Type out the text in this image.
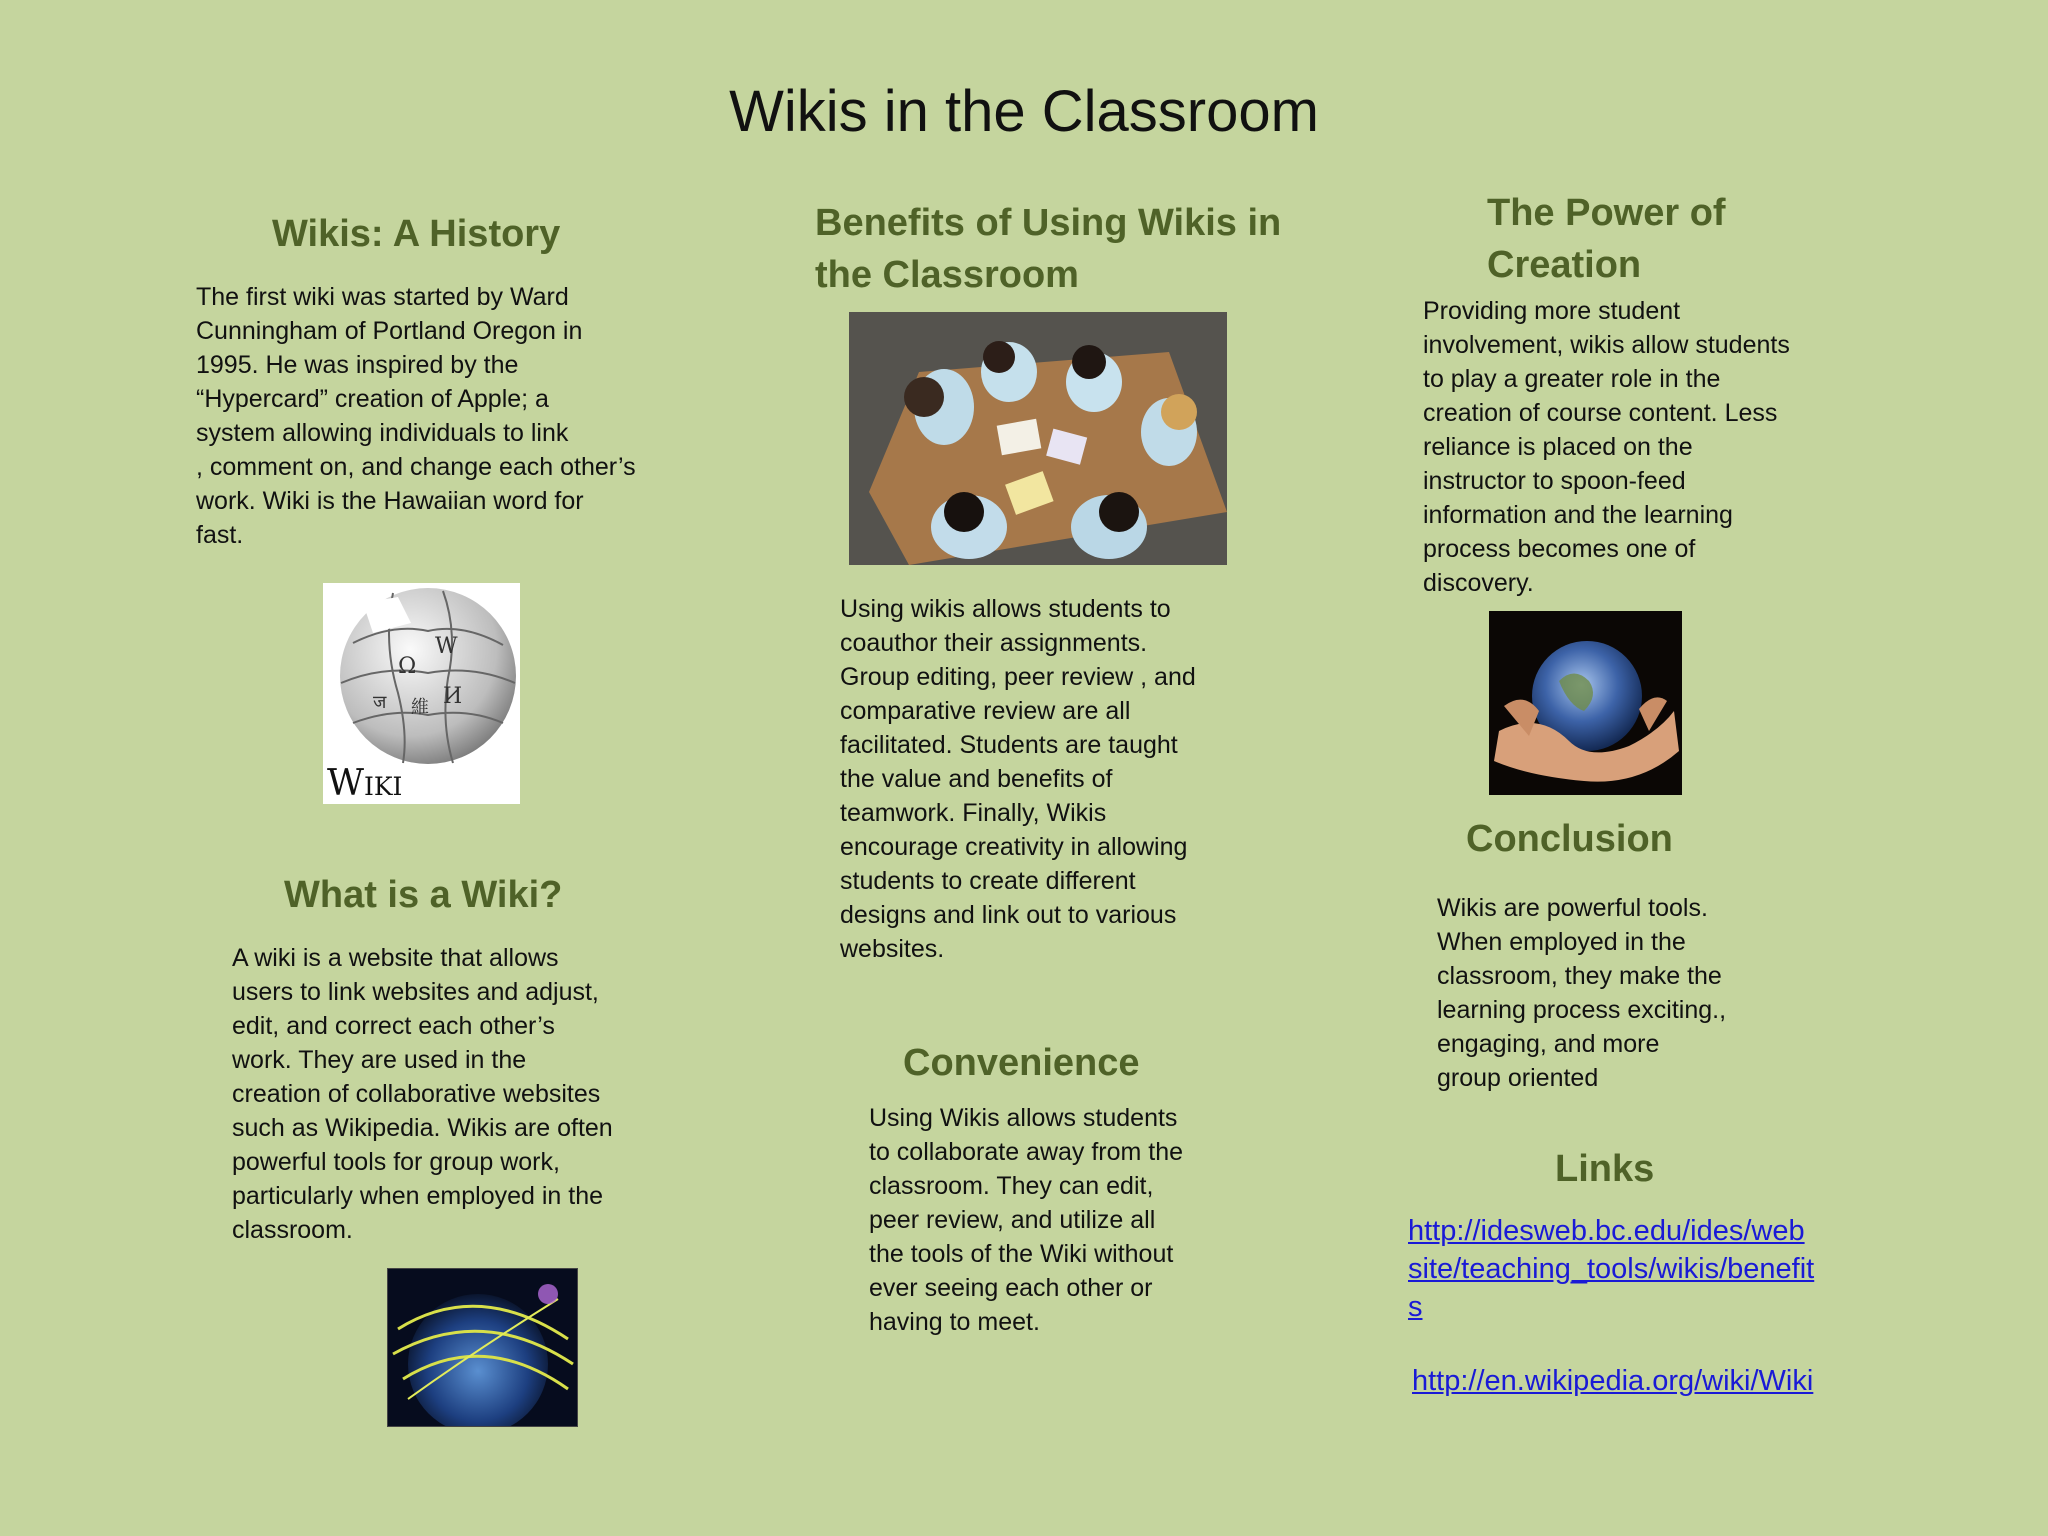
Wikis in the Classroom
Wikis: A History

The first wiki was started by Ward
Cunningham of Portland Oregon in
1995. He was inspired by the
“Hypercard” creation of Apple; a
system allowing individuals to link
, comment on, and change each other’s
work. Wiki is the Hawaiian word for
fast.

Ω
W
И
ज 維
Wiki
What is a Wiki?

A wiki is a website that allows
users to link websites and adjust,
edit, and correct each other’s
work. They are used in the
creation of collaborative websites
such as Wikipedia. Wikis are often
powerful tools for group work,
particularly when employed in the
classroom.

Benefits of Using Wikis in the Classroom

Using wikis allows students to
coauthor their assignments.
Group editing, peer review , and
comparative review are all
facilitated. Students are taught
the value and benefits of
teamwork. Finally, Wikis
encourage creativity in allowing
students to create different
designs and link out to various
websites.

Convenience

Using Wikis allows students
to collaborate away from the
classroom. They can edit,
peer review, and utilize all
the tools of the Wiki without
ever seeing each other or
having to meet.

The Power of Creation

Providing more student
involvement, wikis allow students
to play a greater role in the
creation of course content. Less
reliance is placed on the
instructor to spoon-feed
information and the learning
process becomes one of
discovery.

Conclusion

Wikis are powerful tools.
When employed in the
classroom, they make the
learning process exciting.,
engaging, and more
group oriented

Links
http://idesweb.bc.edu/ides/website/teaching_tools/wikis/benefits
http://en.wikipedia.org/wiki/Wiki
